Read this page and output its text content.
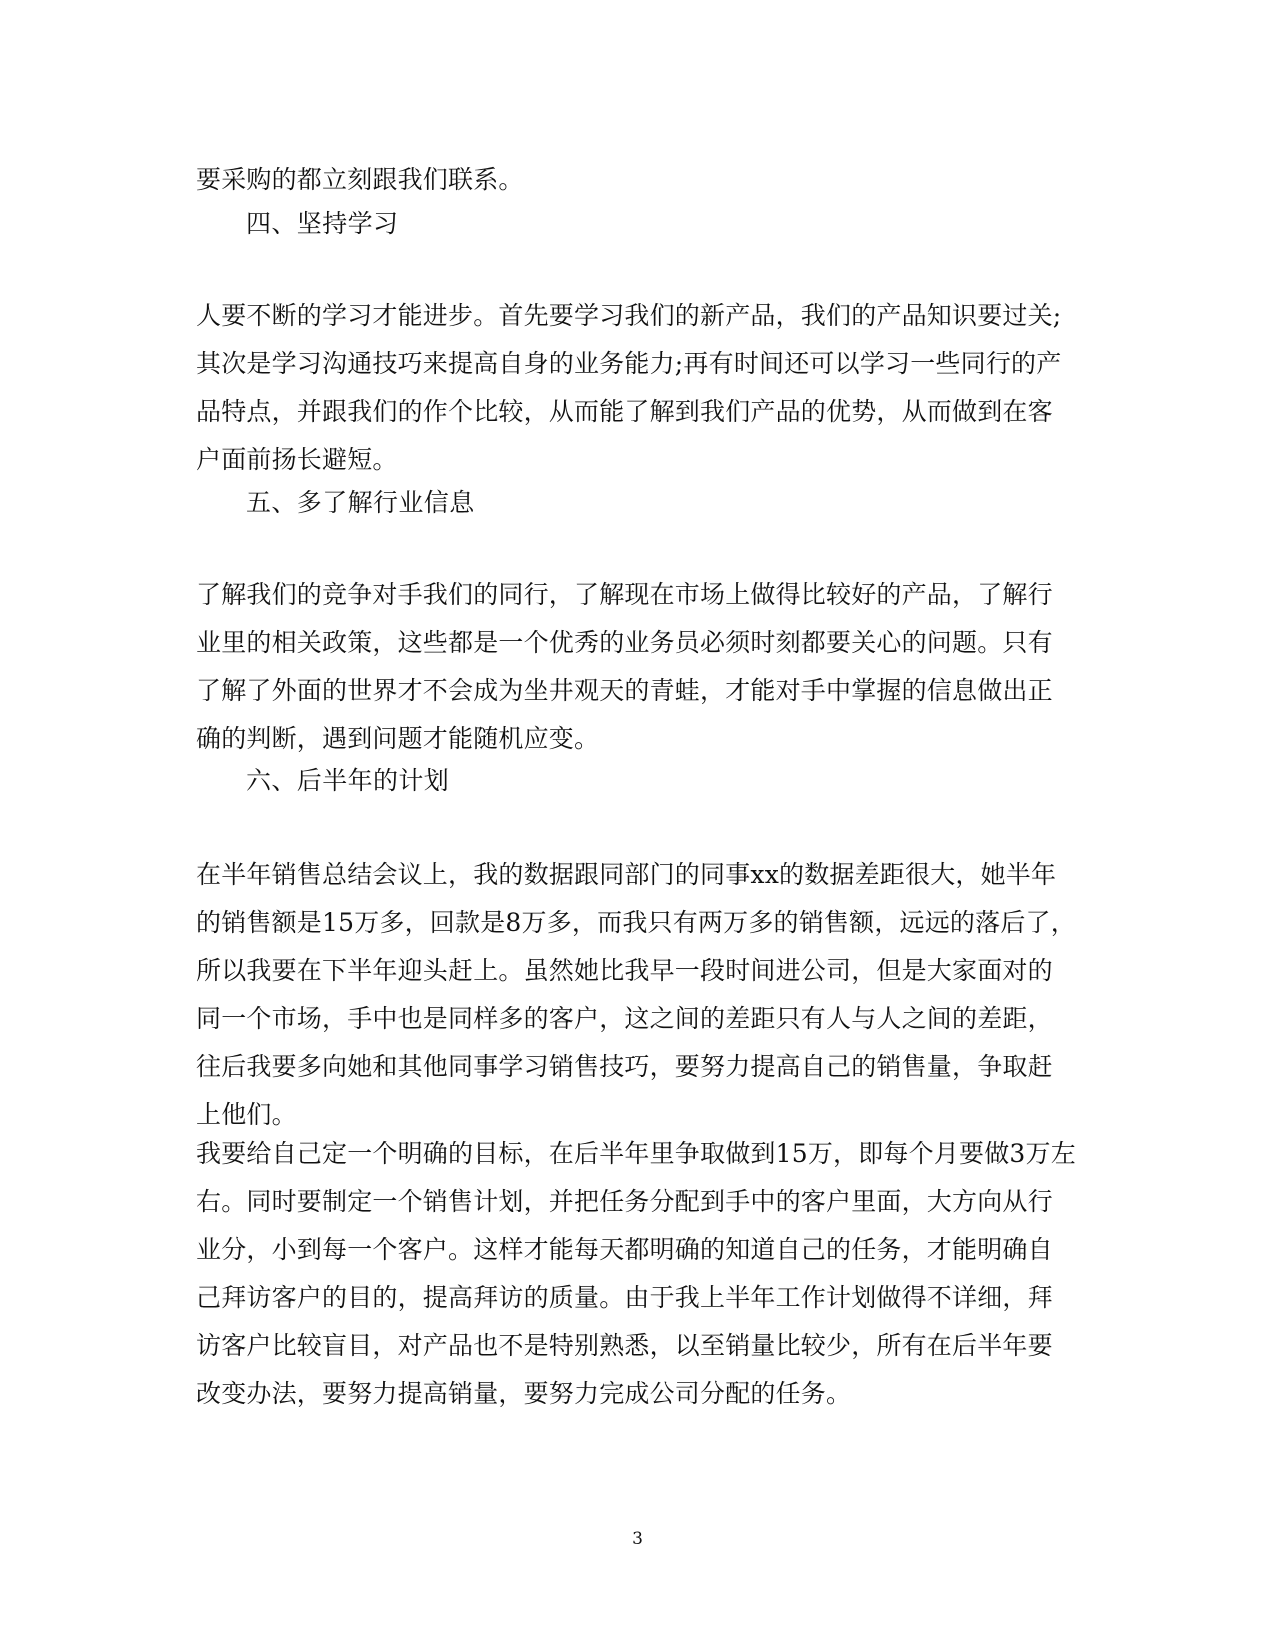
要采购的都立刻跟我们联系。

四、坚持学习

人要不断的学习才能进步。首先要学习我们的新产品，我们的产品知识要过关;其次是学习沟通技巧来提高自身的业务能力;再有时间还可以学习一些同行的产品特点，并跟我们的作个比较，从而能了解到我们产品的优势，从而做到在客户面前扬长避短。

五、多了解行业信息

了解我们的竞争对手我们的同行，了解现在市场上做得比较好的产品，了解行业里的相关政策，这些都是一个优秀的业务员必须时刻都要关心的问题。只有了解了外面的世界才不会成为坐井观天的青蛙，才能对手中掌握的信息做出正确的判断，遇到问题才能随机应变。

六、后半年的计划

在半年销售总结会议上，我的数据跟同部门的同事xx的数据差距很大，她半年的销售额是15万多，回款是8万多，而我只有两万多的销售额，远远的落后了，所以我要在下半年迎头赶上。虽然她比我早一段时间进公司，但是大家面对的同一个市场，手中也是同样多的客户，这之间的差距只有人与人之间的差距，往后我要多向她和其他同事学习销售技巧，要努力提高自己的销售量，争取赶上他们。

我要给自己定一个明确的目标，在后半年里争取做到15万，即每个月要做3万左右。同时要制定一个销售计划，并把任务分配到手中的客户里面，大方向从行业分，小到每一个客户。这样才能每天都明确的知道自己的任务，才能明确自己拜访客户的目的，提高拜访的质量。由于我上半年工作计划做得不详细，拜访客户比较盲目，对产品也不是特别熟悉，以至销量比较少，所有在后半年要改变办法，要努力提高销量，要努力完成公司分配的任务。

3
